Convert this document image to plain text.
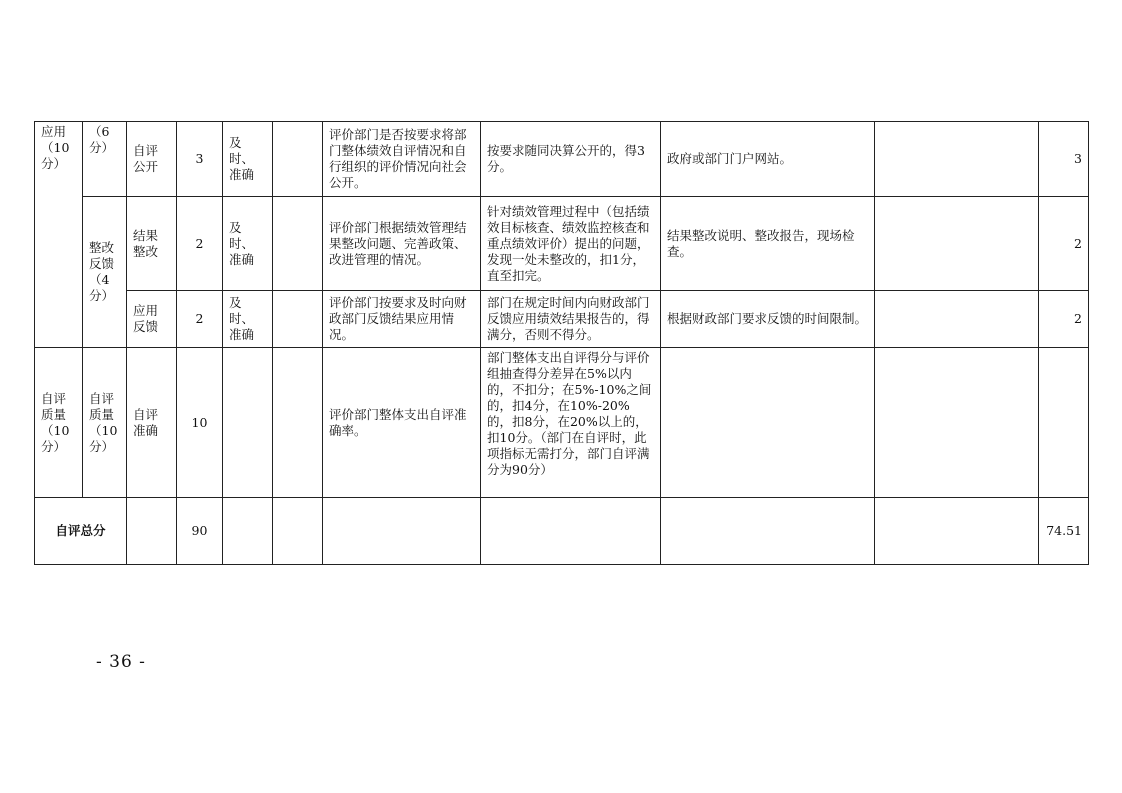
应用（10分）	（6分）	自评公开	3	及时、准确		评价部门是否按要求将部门整体绩效自评情况和自行组织的评价情况向社会公开。	按要求随同决算公开的，得3分。	政府或部门门户网站。		3
	整改反馈（4分）	结果整改	2	及时、准确		评价部门根据绩效管理结果整改问题、完善政策、改进管理的情况。	针对绩效管理过程中（包括绩效目标核查、绩效监控核查和重点绩效评价）提出的问题，发现一处未整改的，扣1分，直至扣完。	结果整改说明、整改报告，现场检查。		2
		应用反馈	2	及时、准确		评价部门按要求及时向财政部门反馈结果应用情况。	部门在规定时间内向财政部门反馈应用绩效结果报告的，得满分，否则不得分。	根据财政部门要求反馈的时间限制。		2
自评质量（10分）	自评质量（10分）	自评准确	10			评价部门整体支出自评准确率。	部门整体支出自评得分与评价组抽查得分差异在5%以内的，不扣分；在5%-10%之间的，扣4分，在10%-20%的，扣8分，在20%以上的，扣10分。（部门在自评时，此项指标无需打分，部门自评满分为90分）			
自评总分			90							74.51
- 36 -
